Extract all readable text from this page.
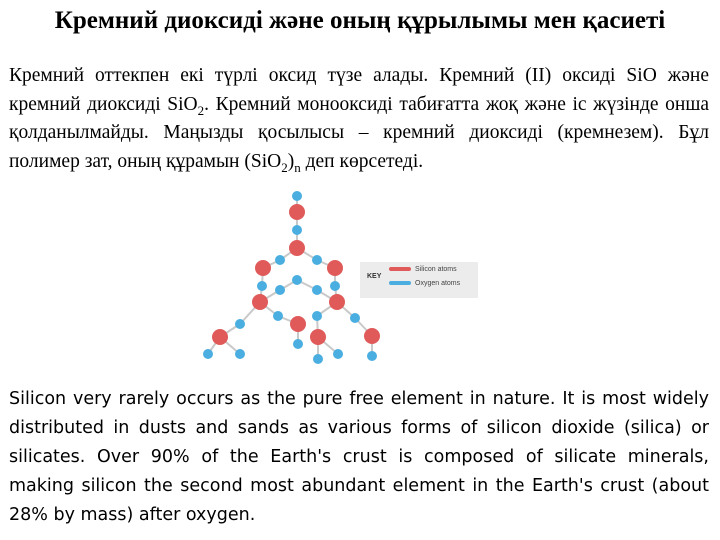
Кремний диоксиді және оның құрылымы мен қасиеті

Кремний оттекпен екі түрлі оксид түзе алады. Кремний (ІІ) оксиді SiO және кремний диоксиді SiO$_2$. Кремний монооксиді табиғатта жоқ және іс жүзінде онша қолданылмайды. Маңызды қосылысы – кремний диоксиді (кремнезем). Бұл полимер зат, оның құрамын $(SiO_2)_n$ деп көрсетеді.

KEY
Silicon atoms
Oxygen atoms

Silicon very rarely occurs as the pure free element in nature. It is most widely distributed in dusts and sands as various forms of silicon dioxide (silica) or silicates. Over 90% of the Earth's crust is composed of silicate minerals, making silicon the second most abundant element in the Earth's crust (about 28% by mass) after oxygen.
